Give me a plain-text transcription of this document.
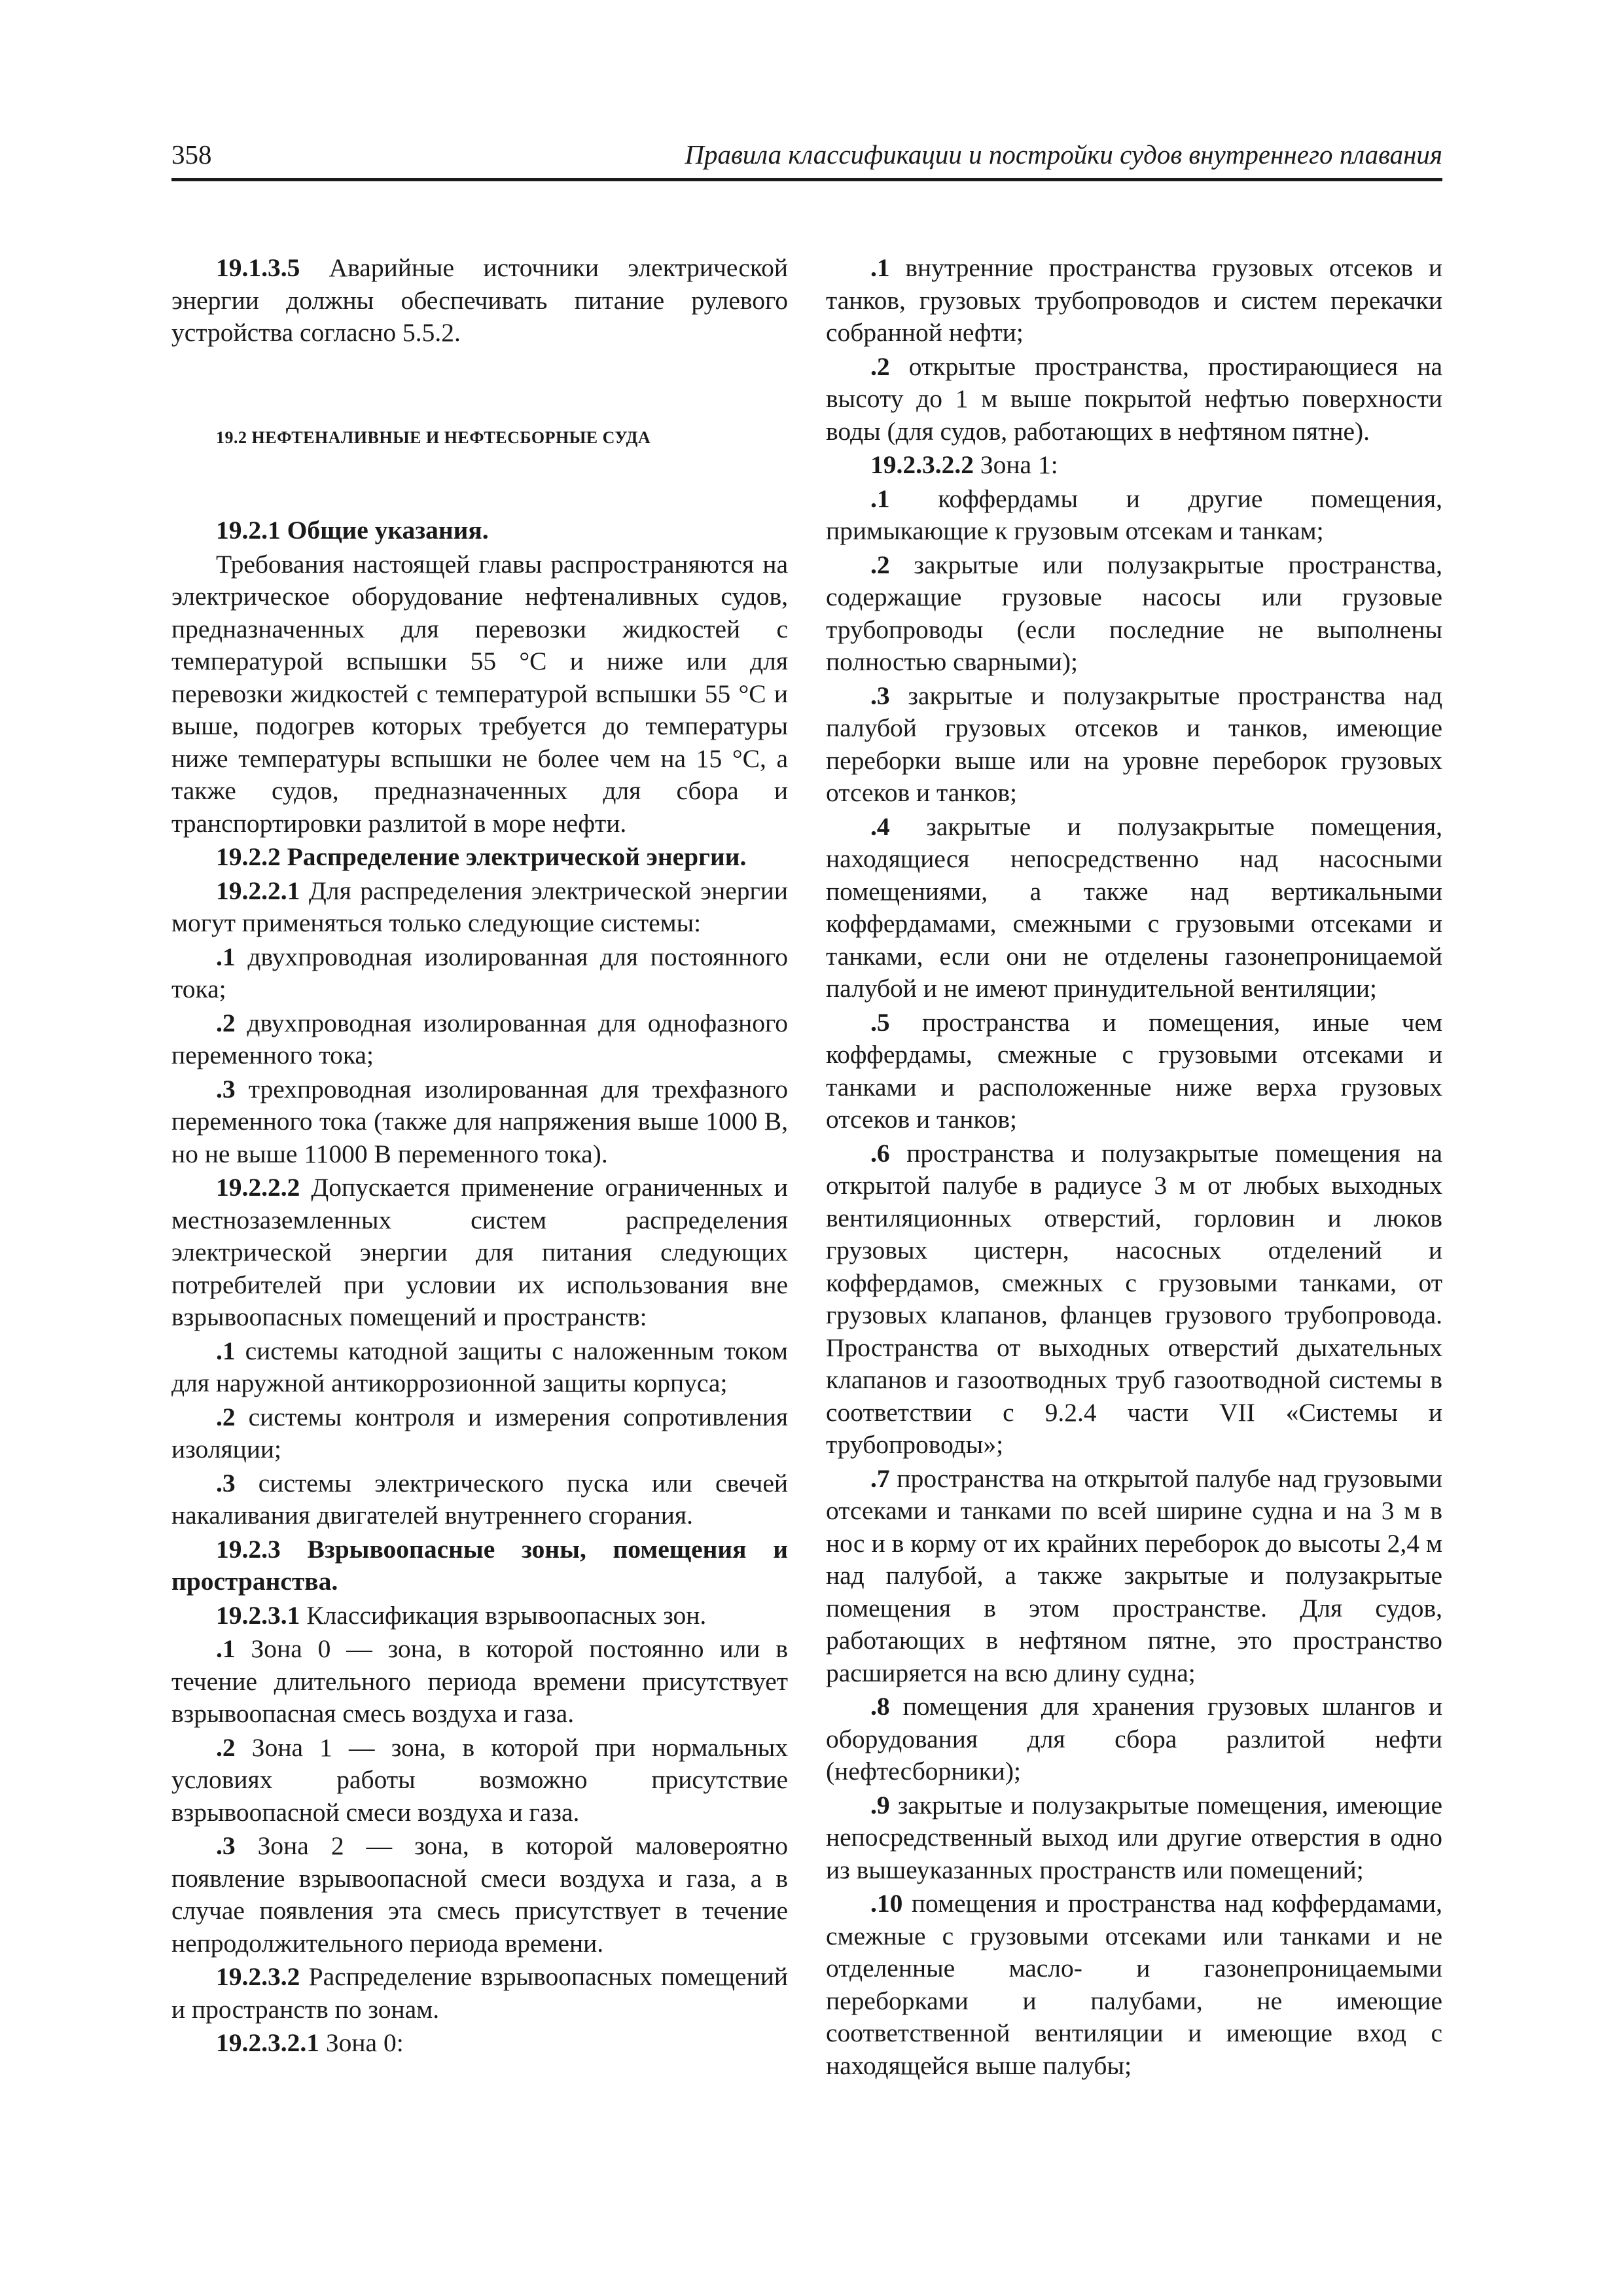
358	Правила классификации и постройки судов внутреннего плавания

19.1.3.5 Аварийные источники электрической энергии должны обеспечивать питание рулевого устройства согласно 5.5.2.

19.2 НЕФТЕНАЛИВНЫЕ И НЕФТЕСБОРНЫЕ СУДА

19.2.1 Общие указания.

Требования настоящей главы распространяются на электрическое оборудование нефтеналивных судов, предназначенных для перевозки жидкостей с температурой вспышки 55 °С и ниже или для перевозки жидкостей с температурой вспышки 55 °С и выше, подогрев которых требуется до температуры ниже температуры вспышки не более чем на 15 °С, а также судов, предназначенных для сбора и транспортировки разлитой в море нефти.

19.2.2 Распределение электрической энергии.

19.2.2.1 Для распределения электрической энергии могут применяться только следующие системы:

.1 двухпроводная изолированная для постоянного тока;

.2 двухпроводная изолированная для однофазного переменного тока;

.3 трехпроводная изолированная для трехфазного переменного тока (также для напряжения выше 1000 В, но не выше 11000 В переменного тока).

19.2.2.2 Допускается применение ограниченных и местнозаземленных систем распределения электрической энергии для питания следующих потребителей при условии их использования вне взрывоопасных помещений и пространств:

.1 системы катодной защиты с наложенным током для наружной антикоррозионной защиты корпуса;

.2 системы контроля и измерения сопротивления изоляции;

.3 системы электрического пуска или свечей накаливания двигателей внутреннего сгорания.

19.2.3 Взрывоопасные зоны, помещения и пространства.

19.2.3.1 Классификация взрывоопасных зон.

.1 Зона 0 — зона, в которой постоянно или в течение длительного периода времени присутствует взрывоопасная смесь воздуха и газа.

.2 Зона 1 — зона, в которой при нормальных условиях работы возможно присутствие взрывоопасной смеси воздуха и газа.

.3 Зона 2 — зона, в которой маловероятно появление взрывоопасной смеси воздуха и газа, а в случае появления эта смесь присутствует в течение непродолжительного периода времени.

19.2.3.2 Распределение взрывоопасных помещений и пространств по зонам.

19.2.3.2.1 Зона 0:

.1 внутренние пространства грузовых отсеков и танков, грузовых трубопроводов и систем перекачки собранной нефти;

.2 открытые пространства, простирающиеся на высоту до 1 м выше покрытой нефтью поверхности воды (для судов, работающих в нефтяном пятне).

19.2.3.2.2 Зона 1:

.1 коффердамы и другие помещения, примыкающие к грузовым отсекам и танкам;

.2 закрытые или полузакрытые пространства, содержащие грузовые насосы или грузовые трубопроводы (если последние не выполнены полностью сварными);

.3 закрытые и полузакрытые пространства над палубой грузовых отсеков и танков, имеющие переборки выше или на уровне переборок грузовых отсеков и танков;

.4 закрытые и полузакрытые помещения, находящиеся непосредственно над насосными помещениями, а также над вертикальными коффердамами, смежными с грузовыми отсеками и танками, если они не отделены газонепроницаемой палубой и не имеют принудительной вентиляции;

.5 пространства и помещения, иные чем коффердамы, смежные с грузовыми отсеками и танками и расположенные ниже верха грузовых отсеков и танков;

.6 пространства и полузакрытые помещения на открытой палубе в радиусе 3 м от любых выходных вентиляционных отверстий, горловин и люков грузовых цистерн, насосных отделений и коффердамов, смежных с грузовыми танками, от грузовых клапанов, фланцев грузового трубопровода. Пространства от выходных отверстий дыхательных клапанов и газоотводных труб газоотводной системы в соответствии с 9.2.4 части VII «Системы и трубопроводы»;

.7 пространства на открытой палубе над грузовыми отсеками и танками по всей ширине судна и на 3 м в нос и в корму от их крайних переборок до высоты 2,4 м над палубой, а также закрытые и полузакрытые помещения в этом пространстве. Для судов, работающих в нефтяном пятне, это пространство расширяется на всю длину судна;

.8 помещения для хранения грузовых шлангов и оборудования для сбора разлитой нефти (нефтесборники);

.9 закрытые и полузакрытые помещения, имеющие непосредственный выход или другие отверстия в одно из вышеуказанных пространств или помещений;

.10 помещения и пространства над коффердамами, смежные с грузовыми отсеками или танками и не отделенные масло- и газонепроницаемыми переборками и палубами, не имеющие соответственной вентиляции и имеющие вход с находящейся выше палубы;
